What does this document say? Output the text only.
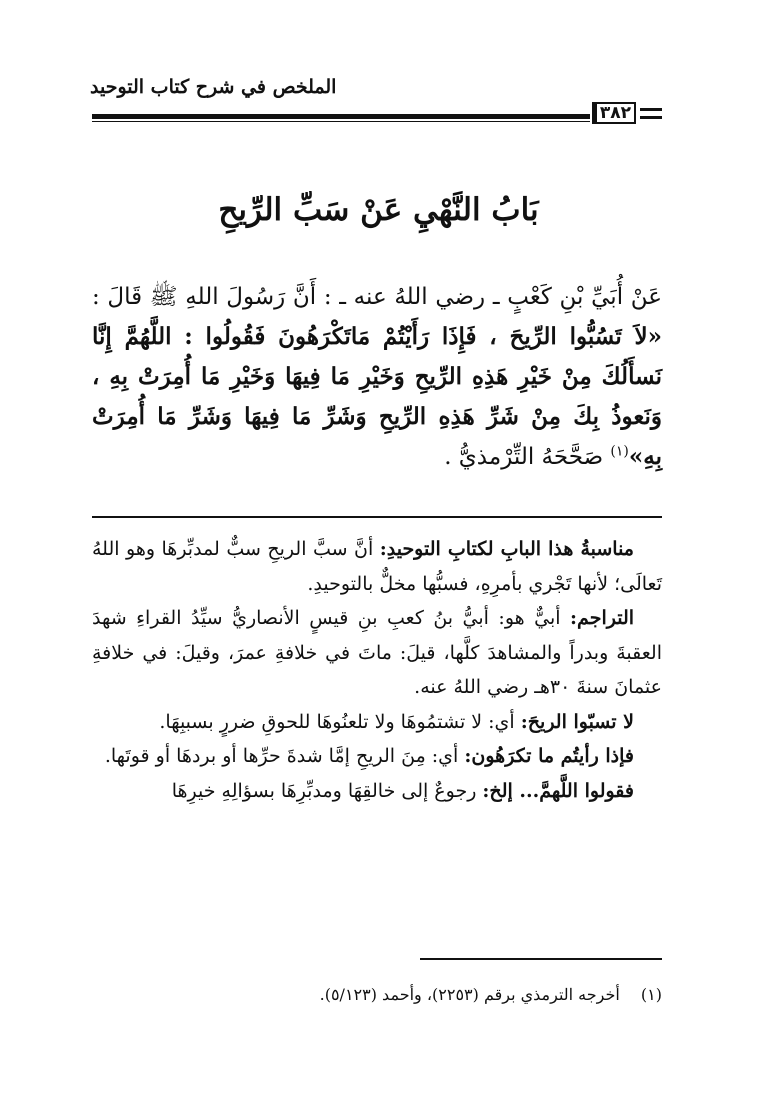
الملخص في شرح كتاب التوحيد
٣٨٢
بَابُ النَّهْيِ عَنْ سَبِّ الرِّيحِ
عَنْ أُبَيِّ بْنِ كَعْبٍ ـ رضي اللهُ عنه ـ : أَنَّ رَسُولَ اللهِ ﷺ قَالَ : «لاَ تَسُبُّوا الرِّيحَ ، فَإِذَا رَأَيْتُمْ مَاتَكْرَهُونَ فَقُولُوا : اللَّهُمَّ إِنَّا نَسأَلُكَ مِنْ خَيْرِ هَذِهِ الرِّيحِ وَخَيْرِ مَا فِيهَا وَخَيْرِ مَا أُمِرَتْ بِهِ ، وَنَعوذُ بِكَ مِنْ شَرِّ هَذِهِ الرِّيحِ وَشَرِّ مَا فِيهَا وَشَرِّ مَا أُمِرَتْ بِهِ»$^{(١)}$ صَحَّحَهُ التِّرْمذيُّ .

مناسبةُ هذا البابِ لكتابِ التوحيدِ: أنَّ سبَّ الريحِ سبٌّ لمدبِّرهَا وهو اللهُ تَعالَى؛ لأنها تَجْري بأمرِهِ، فسبُّها مخلٌّ بالتوحيدِ.

التراجم: أبيٌّ هو: أبيُّ بنُ كعبِ بنِ قيسٍ الأنصاريُّ سيِّدُ القراءِ شهدَ العقبةَ وبدراً والمشاهدَ كلَّها، قيلَ: ماتَ في خلافةِ عمرَ، وقيلَ: في خلافةِ عثمانَ سنةَ ٣٠هـ رضي اللهُ عنه.

لا تسبّوا الريحَ: أي: لا تشتمُوهَا ولا تلعنُوهَا للحوقِ ضررٍ بسببِهَا.

فإذا رأيتُم ما تكرَهُون: أي: مِنَ الريحِ إمَّا شدةَ حرِّها أو بردهَا أو قوتَها.

فقولوا اللَّهمَّ... إلخ: رجوعٌ إلى خالقِهَا ومدبِّرِهَا بسؤالِهِ خيرِهَا

(١) أخرجه الترمذي برقم (٢٢٥٣)، وأحمد (٥/١٢٣).
